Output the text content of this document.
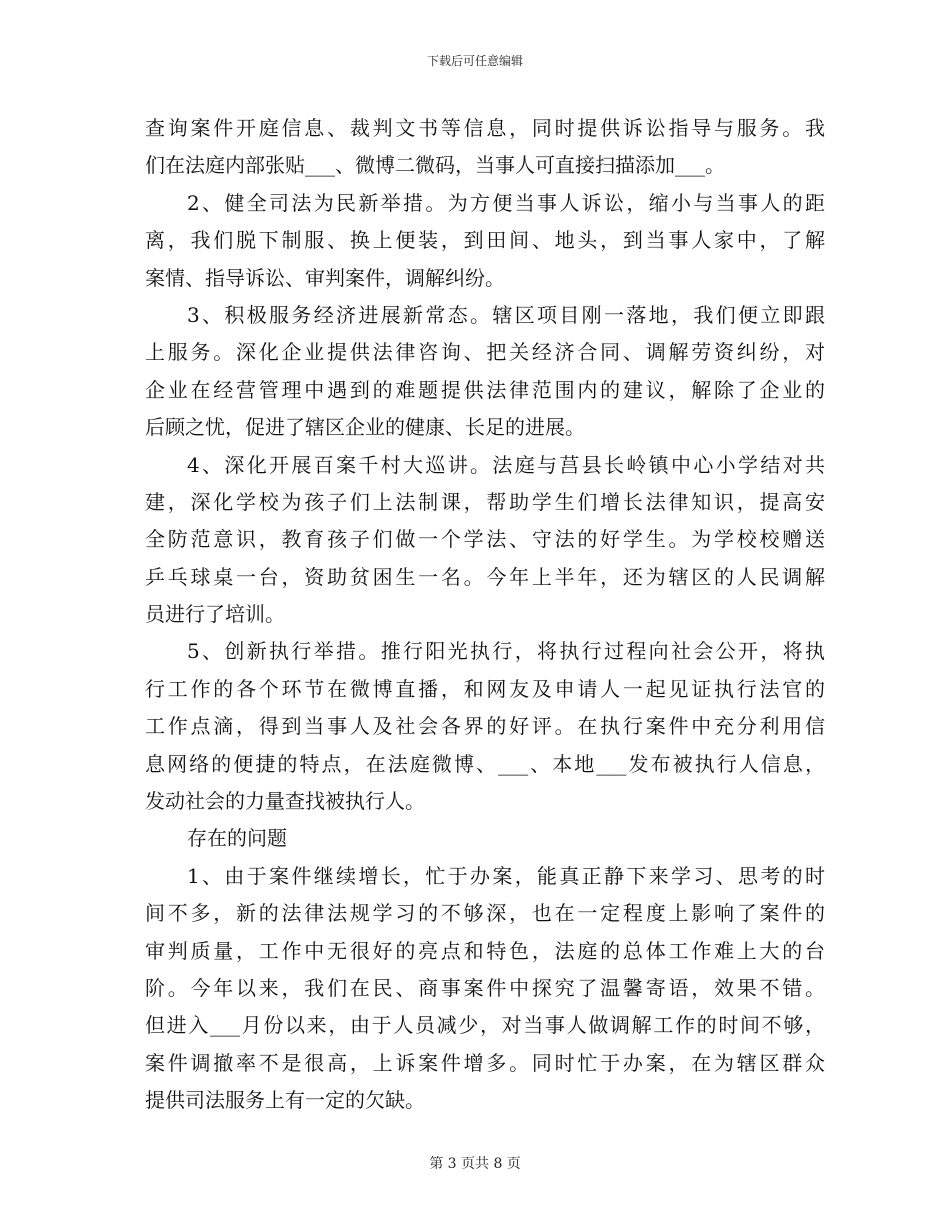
下载后可任意编辑
查询案件开庭信息、裁判文书等信息，同时提供诉讼指导与服务。我
们在法庭内部张贴___、微博二微码，当事人可直接扫描添加___。
2、健全司法为民新举措。为方便当事人诉讼，缩小与当事人的距
离，我们脱下制服、换上便装，到田间、地头，到当事人家中，了解
案情、指导诉讼、审判案件，调解纠纷。
3、积极服务经济进展新常态。辖区项目刚一落地，我们便立即跟
上服务。深化企业提供法律咨询、把关经济合同、调解劳资纠纷，对
企业在经营管理中遇到的难题提供法律范围内的建议，解除了企业的
后顾之忧，促进了辖区企业的健康、长足的进展。
4、深化开展百案千村大巡讲。法庭与莒县长岭镇中心小学结对共
建，深化学校为孩子们上法制课，帮助学生们增长法律知识，提高安
全防范意识，教育孩子们做一个学法、守法的好学生。为学校校赠送
乒乓球桌一台，资助贫困生一名。今年上半年，还为辖区的人民调解
员进行了培训。
5、创新执行举措。推行阳光执行，将执行过程向社会公开，将执
行工作的各个环节在微博直播，和网友及申请人一起见证执行法官的
工作点滴，得到当事人及社会各界的好评。在执行案件中充分利用信
息网络的便捷的特点，在法庭微博、___、本地___发布被执行人信息，
发动社会的力量查找被执行人。
存在的问题
1、由于案件继续增长，忙于办案，能真正静下来学习、思考的时
间不多，新的法律法规学习的不够深，也在一定程度上影响了案件的
审判质量，工作中无很好的亮点和特色，法庭的总体工作难上大的台
阶。今年以来，我们在民、商事案件中探究了温馨寄语，效果不错。
但进入___月份以来，由于人员减少，对当事人做调解工作的时间不够，
案件调撤率不是很高，上诉案件增多。同时忙于办案，在为辖区群众
提供司法服务上有一定的欠缺。
第 3 页共 8 页
